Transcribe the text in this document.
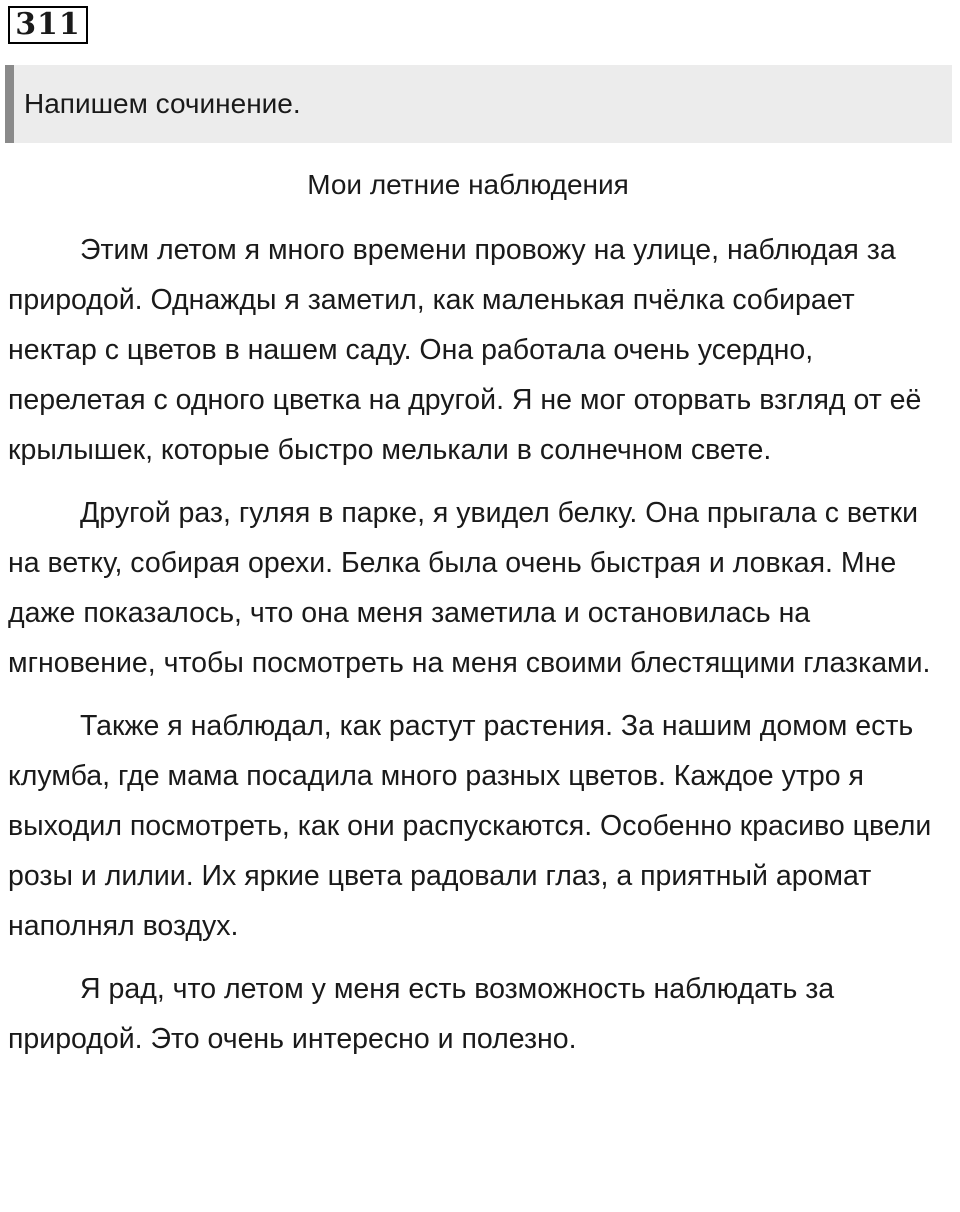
311
Напишем сочинение.
Мои летние наблюдения

Этим летом я много времени провожу на улице, наблюдая за природой. Однажды я заметил, как маленькая пчёлка собирает нектар с цветов в нашем саду. Она работала очень усердно, перелетая с одного цветка на другой. Я не мог оторвать взгляд от её крылышек, которые быстро мелькали в солнечном свете.

Другой раз, гуляя в парке, я увидел белку. Она прыгала с ветки на ветку, собирая орехи. Белка была очень быстрая и ловкая. Мне даже показалось, что она меня заметила и остановилась на мгновение, чтобы посмотреть на меня своими блестящими глазками.

Также я наблюдал, как растут растения. За нашим домом есть клумба, где мама посадила много разных цветов. Каждое утро я выходил посмотреть, как они распускаются. Особенно красиво цвели розы и лилии. Их яркие цвета радовали глаз, а приятный аромат наполнял воздух.

Я рад, что летом у меня есть возможность наблюдать за природой. Это очень интересно и полезно.
